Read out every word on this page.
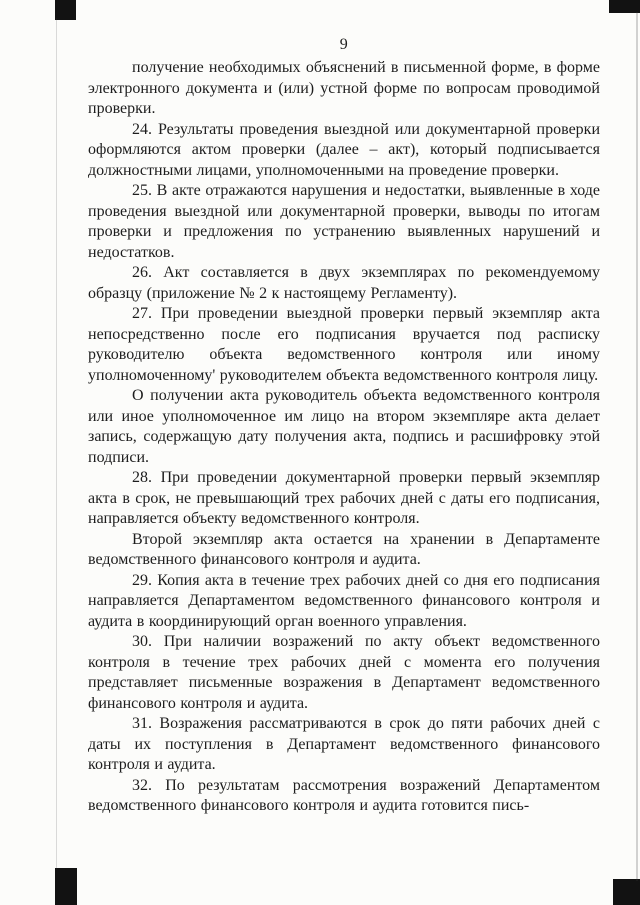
9

получение необходимых объяснений в письменной форме, в форме электронного документа и (или) устной форме по вопросам проводимой проверки.

24. Результаты проведения выездной или документарной проверки оформляются актом проверки (далее – акт), который подписывается должностными лицами, уполномоченными на проведение проверки.

25. В акте отражаются нарушения и недостатки, выявленные в ходе проведения выездной или документарной проверки, выводы по итогам проверки и предложения по устранению выявленных нарушений и недостатков.

26. Акт составляется в двух экземплярах по рекомендуемому образцу (приложение № 2 к настоящему Регламенту).

27. При проведении выездной проверки первый экземпляр акта непосредственно после его подписания вручается под расписку руководителю объекта ведомственного контроля или иному уполномоченному' руководителем объекта ведомственного контроля лицу.

О получении акта руководитель объекта ведомственного контроля или иное уполномоченное им лицо на втором экземпляре акта делает запись, содержащую дату получения акта, подпись и расшифровку этой подписи.

28. При проведении документарной проверки первый экземпляр акта в срок, не превышающий трех рабочих дней с даты его подписания, направляется объекту ведомственного контроля.

Второй экземпляр акта остается на хранении в Департаменте ведомственного финансового контроля и аудита.

29. Копия акта в течение трех рабочих дней со дня его подписания направляется Департаментом ведомственного финансового контроля и аудита в координирующий орган военного управления.

30. При наличии возражений по акту объект ведомственного контроля в течение трех рабочих дней с момента его получения представляет письменные возражения в Департамент ведомственного финансового контроля и аудита.

31. Возражения рассматриваются в срок до пяти рабочих дней с даты их поступления в Департамент ведомственного финансового контроля и аудита.

32. По результатам рассмотрения возражений Департаментом ведомственного финансового контроля и аудита готовится пись-
